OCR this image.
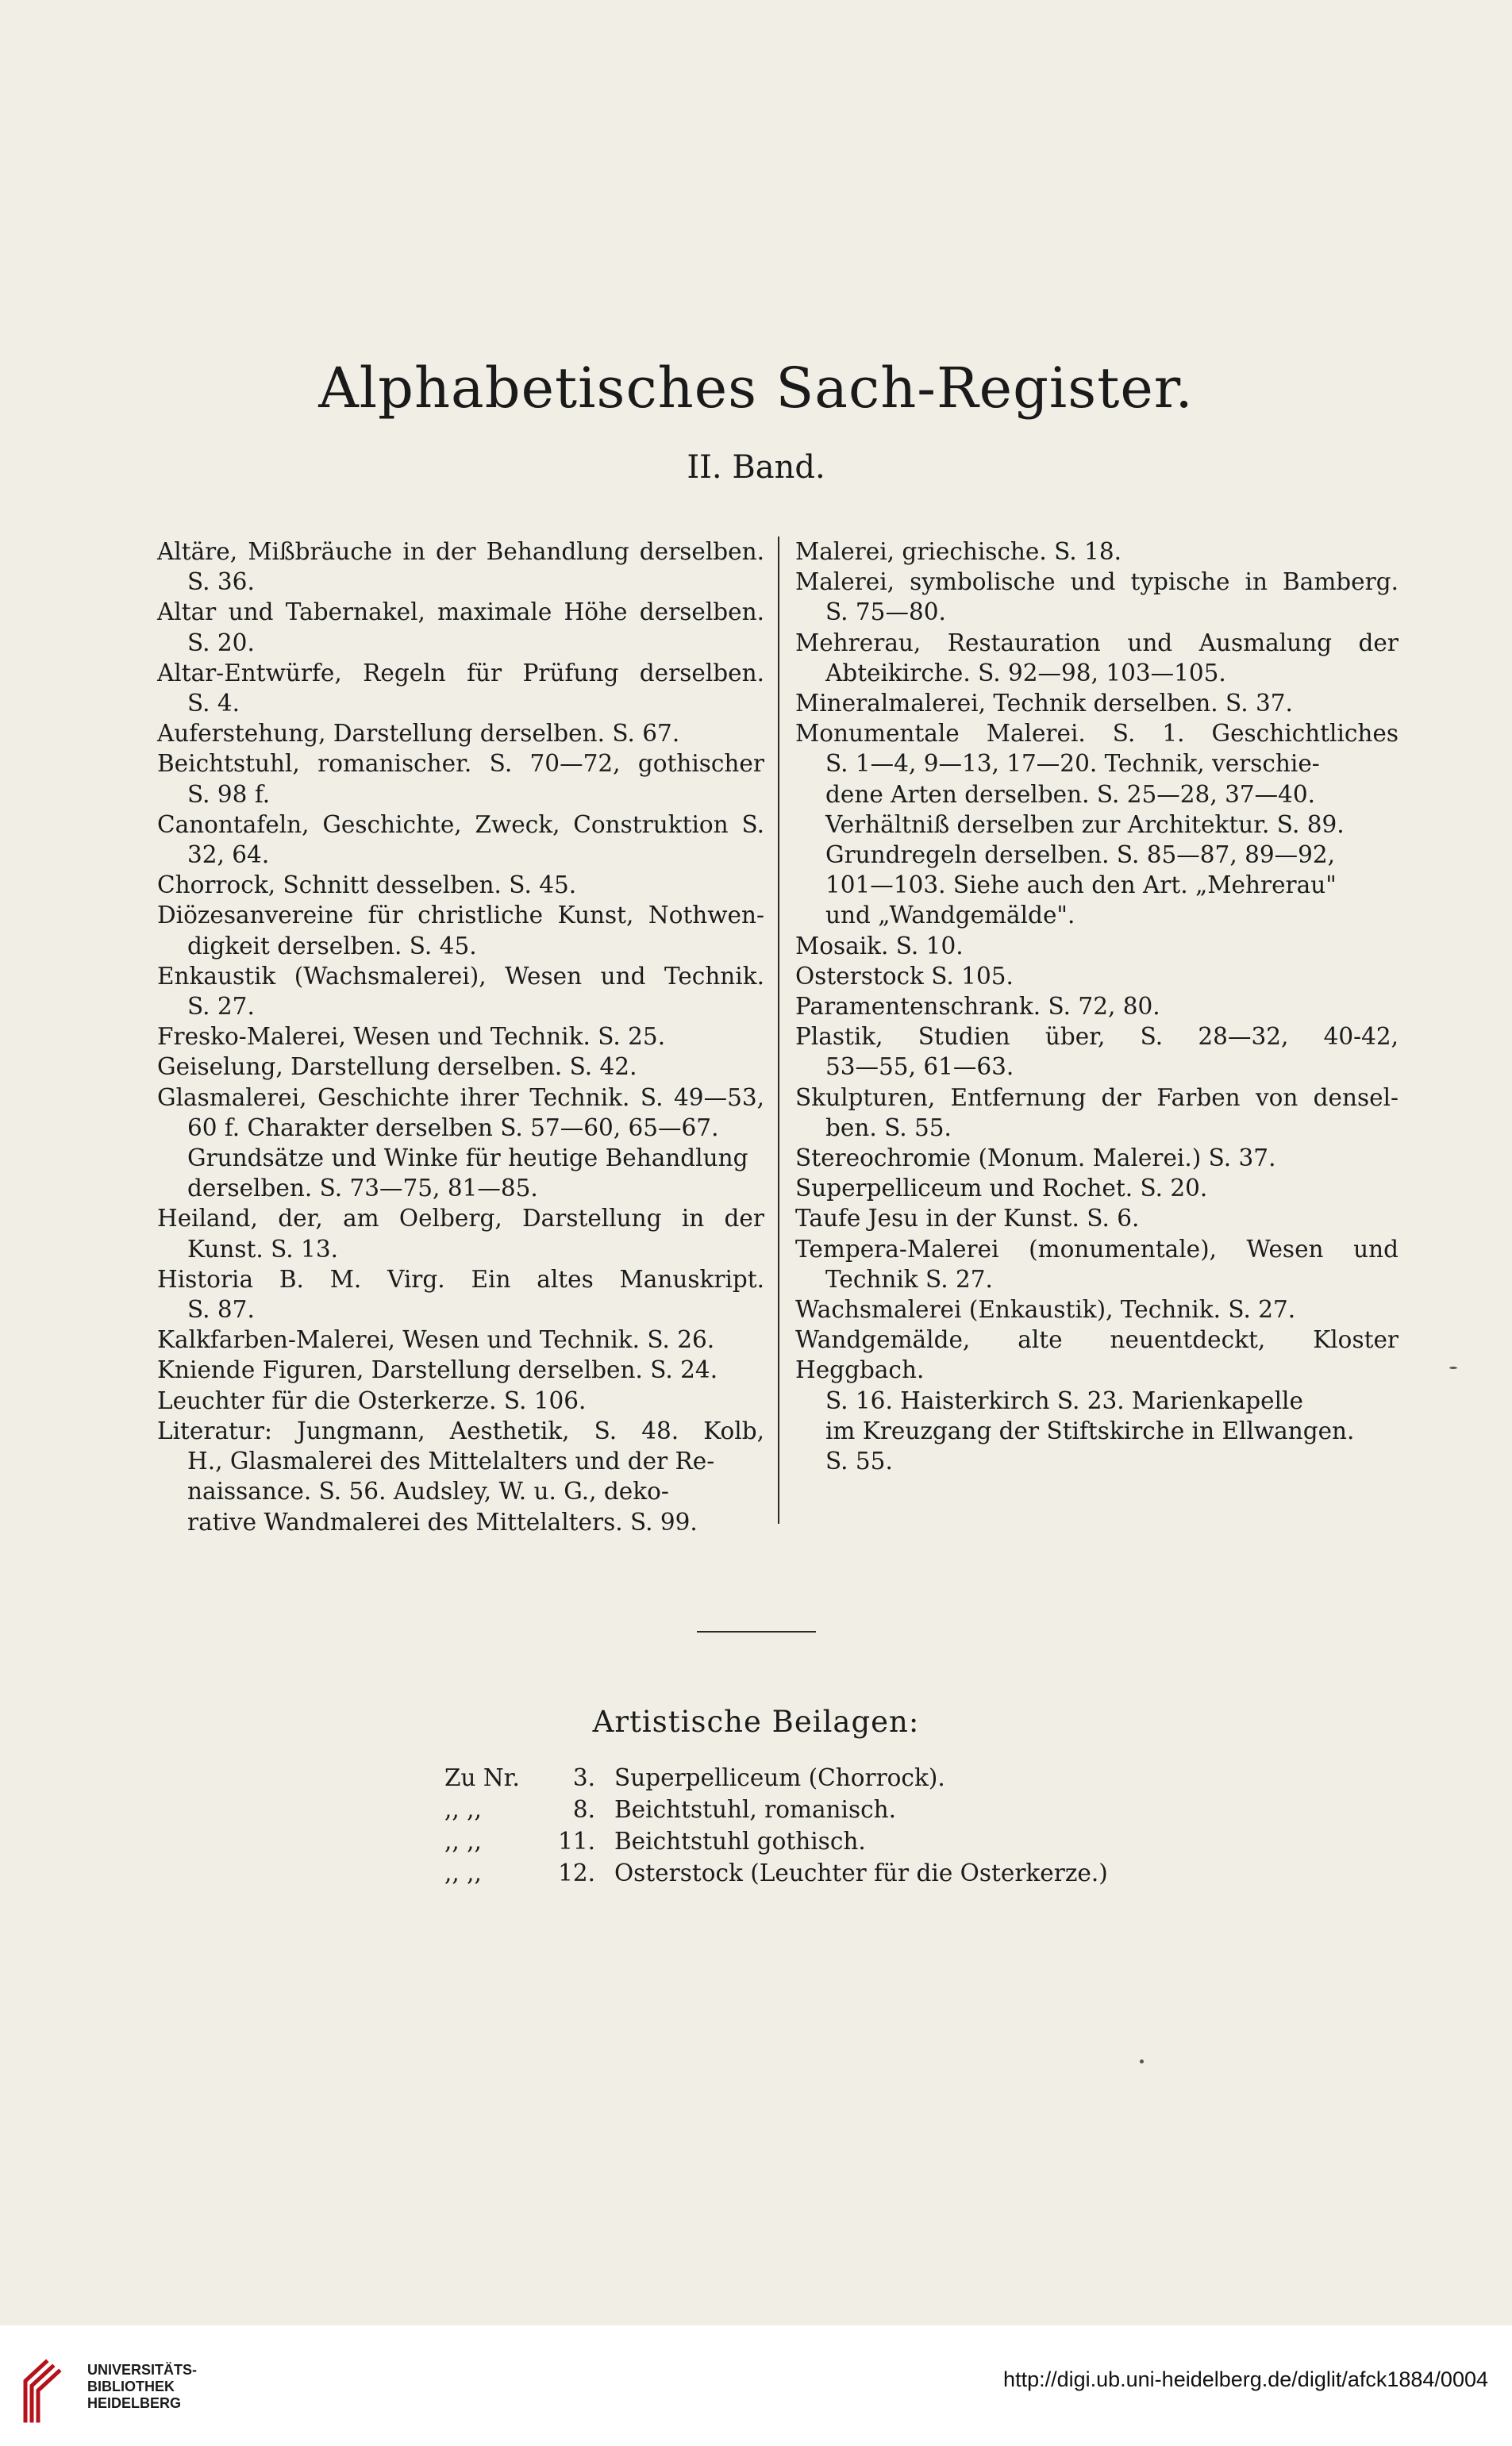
Alphabetisches Sach-Register.
II. Band.
Altäre, Mißbräuche in der Behandlung derselben.
S. 36.
Altar und Tabernakel, maximale Höhe derselben.
S. 20.
Altar-Entwürfe, Regeln für Prüfung derselben.
S. 4.
Auferstehung, Darstellung derselben. S. 67.
Beichtstuhl, romanischer. S. 70—72, gothischer
S. 98 f.
Canontafeln, Geschichte, Zweck, Construktion S.
32, 64.
Chorrock, Schnitt desselben. S. 45.
Diözesanvereine für christliche Kunst, Nothwen-
digkeit derselben. S. 45.
Enkaustik (Wachsmalerei), Wesen und Technik.
S. 27.
Fresko-Malerei, Wesen und Technik. S. 25.
Geiselung, Darstellung derselben. S. 42.
Glasmalerei, Geschichte ihrer Technik. S. 49—53,
60 f. Charakter derselben S. 57—60, 65—67.
Grundsätze und Winke für heutige Behandlung
derselben. S. 73—75, 81—85.
Heiland, der, am Oelberg, Darstellung in der
Kunst. S. 13.
Historia B. M. Virg. Ein altes Manuskript.
S. 87.
Kalkfarben-Malerei, Wesen und Technik. S. 26.
Kniende Figuren, Darstellung derselben. S. 24.
Leuchter für die Osterkerze. S. 106.
Literatur: Jungmann, Aesthetik, S. 48. Kolb,
H., Glasmalerei des Mittelalters und der Re-
naissance. S. 56. Audsley, W. u. G., deko-
rative Wandmalerei des Mittelalters. S. 99.
Malerei, griechische. S. 18.
Malerei, symbolische und typische in Bamberg.
S. 75—80.
Mehrerau, Restauration und Ausmalung der
Abteikirche. S. 92—98, 103—105.
Mineralmalerei, Technik derselben. S. 37.
Monumentale Malerei. S. 1. Geschichtliches
S. 1—4, 9—13, 17—20. Technik, verschie-
dene Arten derselben. S. 25—28, 37—40.
Verhältniß derselben zur Architektur. S. 89.
Grundregeln derselben. S. 85—87, 89—92,
101—103. Siehe auch den Art. „Mehrerau"
und „Wandgemälde".
Mosaik. S. 10.
Osterstock S. 105.
Paramentenschrank. S. 72, 80.
Plastik, Studien über, S. 28—32, 40-42,
53—55, 61—63.
Skulpturen, Entfernung der Farben von densel-
ben. S. 55.
Stereochromie (Monum. Malerei.) S. 37.
Superpelliceum und Rochet. S. 20.
Taufe Jesu in der Kunst. S. 6.
Tempera-Malerei (monumentale), Wesen und
Technik S. 27.
Wachsmalerei (Enkaustik), Technik. S. 27.
Wandgemälde, alte neuentdeckt, Kloster Heggbach.
S. 16. Haisterkirch S. 23. Marienkapelle
im Kreuzgang der Stiftskirche in Ellwangen.
S. 55.
Artistische Beilagen:
Zu Nr.	3. Superpelliceum (Chorrock).
,, ,,	8. Beichtstuhl, romanisch.
,, ,,	11. Beichtstuhl gothisch.
,, ,,	12. Osterstock (Leuchter für die Osterkerze.)
UNIVERSITÄTS-
BIBLIOTHEK
HEIDELBERG
http://digi.ub.uni-heidelberg.de/diglit/afck1884/0004
